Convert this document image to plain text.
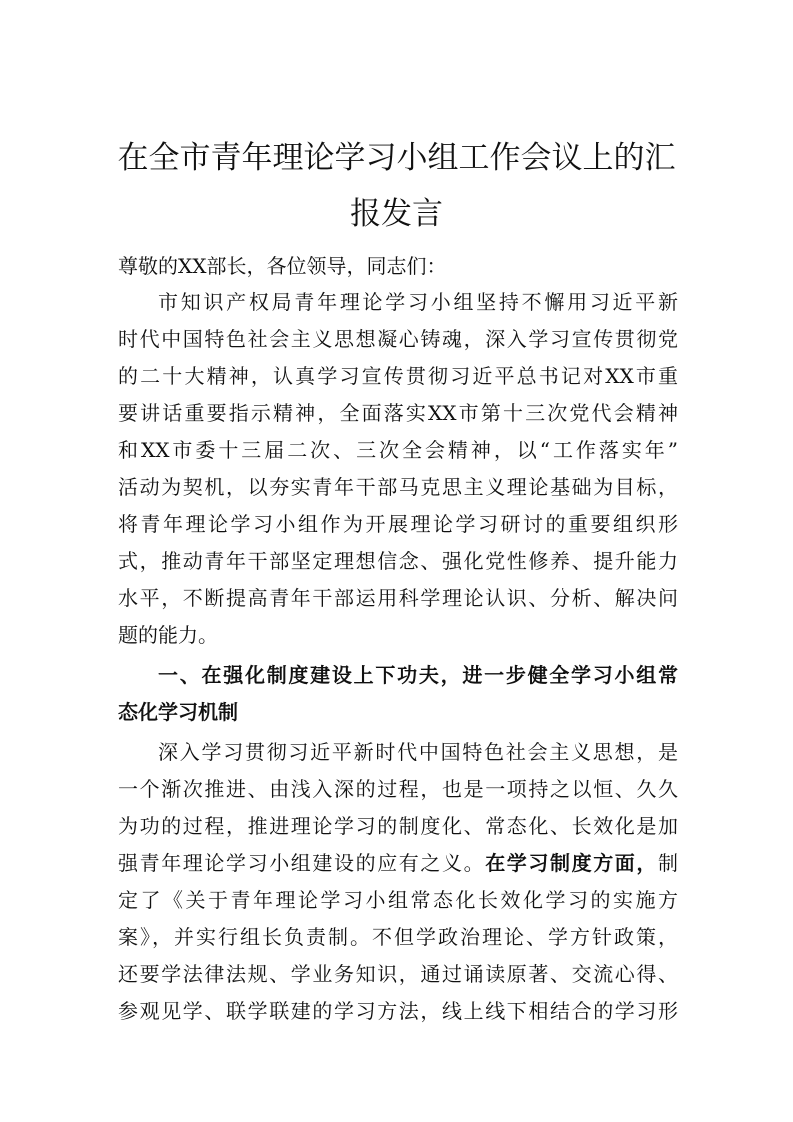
在全市青年理论学习小组工作会议上的汇
报发言
尊敬的XX部长，各位领导，同志们：
市知识产权局青年理论学习小组坚持不懈用习近平新
时代中国特色社会主义思想凝心铸魂，深入学习宣传贯彻党
的二十大精神，认真学习宣传贯彻习近平总书记对XX市重
要讲话重要指示精神，全面落实XX市第十三次党代会精神
和XX市委十三届二次、三次全会精神，以“工作落实年”
活动为契机，以夯实青年干部马克思主义理论基础为目标，
将青年理论学习小组作为开展理论学习研讨的重要组织形
式，推动青年干部坚定理想信念、强化党性修养、提升能力
水平，不断提高青年干部运用科学理论认识、分析、解决问
题的能力。
一、在强化制度建设上下功夫，进一步健全学习小组常
态化学习机制
深入学习贯彻习近平新时代中国特色社会主义思想，是
一个渐次推进、由浅入深的过程，也是一项持之以恒、久久
为功的过程，推进理论学习的制度化、常态化、长效化是加
强青年理论学习小组建设的应有之义。在学习制度方面，制
定了《关于青年理论学习小组常态化长效化学习的实施方
案》，并实行组长负责制。不但学政治理论、学方针政策，
还要学法律法规、学业务知识，通过诵读原著、交流心得、
参观见学、联学联建的学习方法，线上线下相结合的学习形
